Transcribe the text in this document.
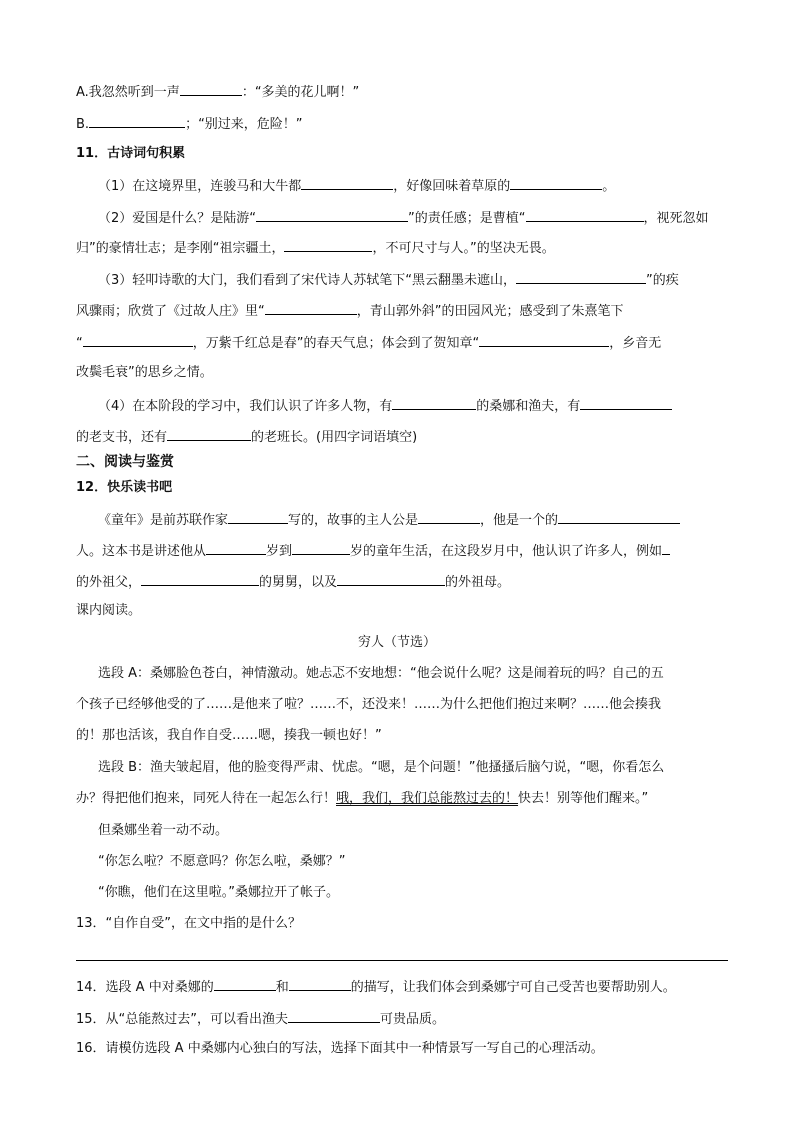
A.我忽然听到一声	：“多美的花儿啊！”
B.	；“别过来，危险！”
11．古诗词句积累
（1）在这境界里，连骏马和大牛都	，好像回味着草原的	。
（2）爱国是什么？是陆游“	”的责任感；是曹植“	，视死忽如
归”的豪情壮志；是李刚“祖宗疆土，	，不可尺寸与人。”的坚决无畏。
（3）轻叩诗歌的大门，我们看到了宋代诗人苏轼笔下“黑云翻墨未遮山，	”的疾
风骤雨；欣赏了《过故人庄》里“	，青山郭外斜”的田园风光；感受到了朱熹笔下
“	，万紫千红总是春”的春天气息；体会到了贺知章“	，乡音无
改鬓毛衰”的思乡之情。
（4）在本阶段的学习中，我们认识了许多人物，有	的桑娜和渔夫，有
的老支书，还有	的老班长。(用四字词语填空)
二、阅读与鉴赏
12．快乐读书吧
《童年》是前苏联作家	写的，故事的主人公是	，他是一个的
人。这本书是讲述他从	岁到	岁的童年生活，在这段岁月中，他认识了许多人，例如
的外祖父，	的舅舅，以及	的外祖母。
课内阅读。
穷人（节选）
选段 A：桑娜脸色苍白，神情激动。她忐忑不安地想：“他会说什么呢？这是闹着玩的吗？自己的五
个孩子已经够他受的了……是他来了啦？……不，还没来！……为什么把他们抱过来啊？……他会揍我
的！那也活该，我自作自受……嗯，揍我一顿也好！”
选段 B：渔夫皱起眉，他的脸变得严肃、忧虑。“嗯，是个问题！”他搔搔后脑勺说，“嗯，你看怎么
办？得把他们抱来，同死人待在一起怎么行！哦，我们，我们总能熬过去的！快去！别等他们醒来。”
但桑娜坐着一动不动。
“你怎么啦？不愿意吗？你怎么啦，桑娜？”
“你瞧，他们在这里啦。”桑娜拉开了帐子。
13．“自作自受”，在文中指的是什么？
14．选段 A 中对桑娜的	和	的描写，让我们体会到桑娜宁可自己受苦也要帮助别人。
15．从“总能熬过去”，可以看出渔夫	可贵品质。
16．请模仿选段 A 中桑娜内心独白的写法，选择下面其中一种情景写一写自己的心理活动。
